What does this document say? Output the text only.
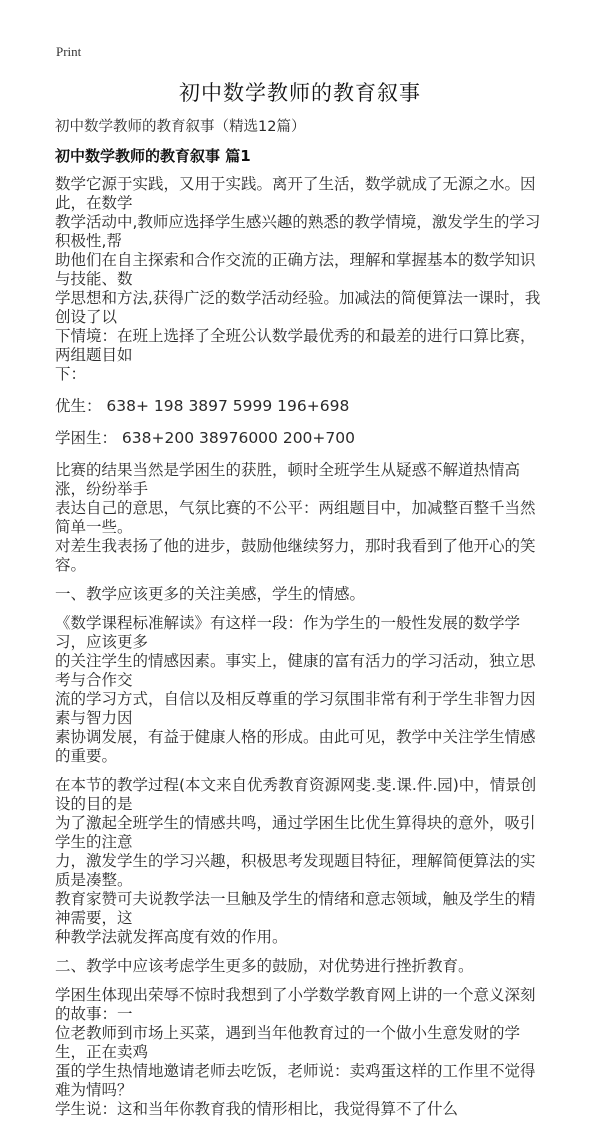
Print
初中数学教师的教育叙事
初中数学教师的教育叙事（精选12篇）
初中数学教师的教育叙事 篇1
数学它源于实践，又用于实践。离开了生活，数学就成了无源之水。因此，在数学
教学活动中,教师应选择学生感兴趣的熟悉的教学情境，激发学生的学习积极性,帮
助他们在自主探索和合作交流的正确方法，理解和掌握基本的数学知识与技能、数
学思想和方法,获得广泛的数学活动经验。加减法的简便算法一课时，我创设了以
下情境：在班上选择了全班公认数学最优秀的和最差的进行口算比赛，两组题目如
下：
优生： 638+ 198 3897 5999 196+698
学困生： 638+200 38976000 200+700
比赛的结果当然是学困生的获胜，顿时全班学生从疑惑不解道热情高涨，纷纷举手
表达自己的意思，气氛比赛的不公平：两组题目中，加减整百整千当然简单一些。
对差生我表扬了他的进步，鼓励他继续努力，那时我看到了他开心的笑容。
一、教学应该更多的关注美感，学生的情感。
《数学课程标准解读》有这样一段：作为学生的一般性发展的数学学习，应该更多
的关注学生的情感因素。事实上，健康的富有活力的学习活动，独立思考与合作交
流的学习方式，自信以及相反尊重的学习氛围非常有利于学生非智力因素与智力因
素协调发展，有益于健康人格的形成。由此可见，教学中关注学生情感的重要。
在本节的教学过程(本文来自优秀教育资源网斐.斐.课.件.园)中，情景创设的目的是
为了激起全班学生的情感共鸣，通过学困生比优生算得块的意外，吸引学生的注意
力，激发学生的学习兴趣，积极思考发现题目特征，理解简便算法的实质是凑整。
教育家赞可夫说教学法一旦触及学生的情绪和意志领域，触及学生的精神需要，这
种教学法就发挥高度有效的作用。
二、教学中应该考虑学生更多的鼓励，对优势进行挫折教育。
学困生体现出荣辱不惊时我想到了小学数学教育网上讲的一个意义深刻的故事：一
位老教师到市场上买菜，遇到当年他教育过的一个做小生意发财的学生，正在卖鸡
蛋的学生热情地邀请老师去吃饭，老师说：卖鸡蛋这样的工作里不觉得难为情吗？
学生说：这和当年你教育我的情形相比，我觉得算不了什么
